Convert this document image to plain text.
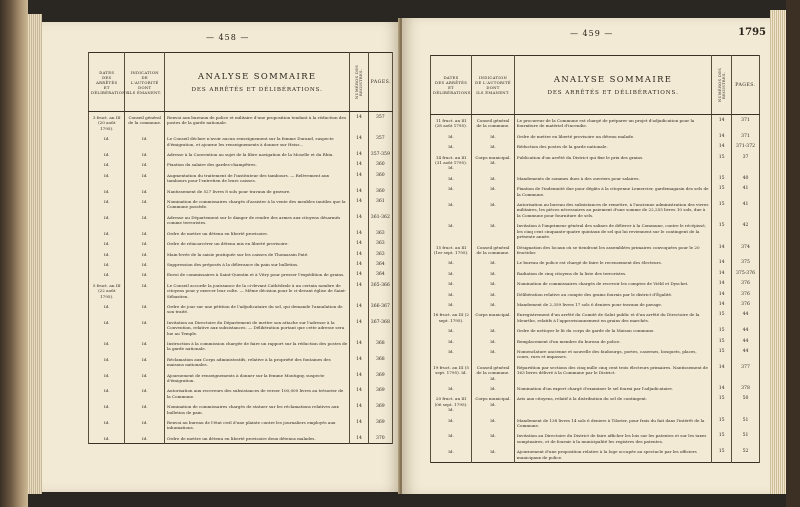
— 458 —
DATES
DES ARRÊTÉS
ET
DÉLIBÉRATIONS.	INDICATION
DE L'AUTORITÉ
DONT
ILS ÉMANENT.	ANALYSE SOMMAIRE
DES ARRÊTÉS ET DÉLIBÉRATIONS.	NUMÉROS DES REGISTRES.	PAGES.

3 fruct. an III (20 août 1795).	Conseil général de la commune.	Renvoi aux bureaux de police et militaire d'une proposition tendant à la réduction des postes de la garde nationale.	14	357
Id.	Id.	Le Conseil déclare n'avoir aucun renseignement sur la femme Durand, suspecte d'émigration, et ajourne les renseignements à donner sur Heiss...	14	357
Id.	Id.	Adresse à la Convention au sujet de la libre navigation de la Moselle et du Rhin.	14	357-359
Id.	Id.	Fixation du salaire des gardes-champêtres.	14	360
Id.	Id.	Augmentation du traitement de l'instituteur des tambours. — Relèvement aux tambours pour l'entretien de leurs caisses.	14	360
Id.	Id.	Nantissement de 527 livres 8 sols pour travaux de gravure.	14	360
Id.	Id.	Nomination de commissaires chargés d'assister à la vente des meubles inutiles que la Commune possède.	14	361
Id.	Id.	Adresse au Département sur le danger de rendre des armes aux citoyens désarmés comme terroristes.	14	361-362
Id.	Id.	Ordre de mettre un détenu en liberté provisoire.	14	363
Id.	Id.	Ordre de réincarcérer un détenu mis en liberté provisoire.	14	363
Id.	Id.	Main-levée de la saisie pratiquée sur les caisses de Thomassin Paté.	14	363
Id.	Id.	Suppression des préposés à la délivrance du pain sur bulletins.	14	364
Id.	Id.	Envoi de commissaires à Saint-Quentin et à Vitry pour presser l'expédition de grains.	14	364
5 fruct. an III (22 août 1795).	Id.	Le Conseil accorde la jouissance de la ci-devant Cathédrale à un certain nombre de citoyens pour y exercer leur culte. — Même décision pour le ci-devant église de Saint-Sébastien.	14	365-366
Id.	Id.	Ordre de jour sur une pétition de l'adjudicataire du sel, qui demande l'annulation de son traité.	14	366-367
Id.	Id.	Invitation au Directoire du Département de mettre son attache sur l'adresse à la Convention, relative aux subsistances. — Délibération portant que cette adresse sera lue au Temple.	14	367-368
Id.	Id.	Instruction à la commission chargée de faire un rapport sur la réduction des postes de la garde nationale.	14	368
Id.	Id.	Réclamation aux Corps administratifs, relative à la propriété des fontaines des maisons nationales.	14	368
Id.	Id.	Ajournement de renseignements à donner sur la femme Montigny, suspecte d'émigration.	14	369
Id.	Id.	Autorisation aux receveurs des subsistances de verser 100,000 livres au trésorier de la Commune.	14	369
Id.	Id.	Nomination de commissaires chargés de statuer sur les réclamations relatives aux bulletins de pain.	14	369
Id.	Id.	Renvoi au bureau de l'état civil d'une plainte contre les journaliers employés aux inhumations.	14	369
Id.	Id.	Ordre de mettre un détenu en liberté provisoire deux détenus malades.	14	370
— 459 —	1795
DATES
DES ARRÊTÉS
ET
DÉLIBÉRATIONS.	INDICATION
DE L'AUTORITÉ
DONT
ILS ÉMANENT.	ANALYSE SOMMAIRE
DES ARRÊTÉS ET DÉLIBÉRATIONS.	NUMÉROS DES REGISTRES.	PAGES.

11 fruct. an III (28 août 1795).	Conseil général de la commune.	Le procureur de la Commune est chargé de préparer un projet d'adjudication pour la fourniture de matériel d'incendie.	14	371
Id.	Id.	Ordre de mettre en liberté provisoire un détenu malade.	14	371
Id.	Id.	Réduction des postes de la garde nationale.	14	371-372
14 fruct. an III (31 août 1795). Id.	Corps municipal. Id.	Publication d'un arrêté du District qui fixe le prix des grains.	15	37
Id.	Id.	Mandements de sommes dues à des ouvriers pour salaires.	15	40
Id.	Id.	Fixation de l'indemnité due pour dégâts à la citoyenne Lemercier, gardemagasin des sels de la Commune.	15	41
Id.	Id.	Autorisation au bureau des subsistances de remettre, à l'ancienne administration des vivres militaires, les pièces nécessaires au paiement d'une somme de 22,255 livres 10 sols, due à la Commune pour fourniture de sels.	15	41
Id.	Id.	Invitation à l'imprimeur général des salines de délivrer à la Commune, contre le récépissé, les cinq cent cinquante-quatre quintaux de sel qui lui reviennent sur le contingent de la présente année.	15	42
15 fruct. an III (1er sept. 1795).	Conseil général de la commune.	Désignation des locaux où se tiendront les assemblées primaires convoquées pour le 20 fructidor.	14	374
Id.	Id.	Le bureau de police est chargé de faire le recensement des électeurs.	14	375
Id.	Id.	Radiation de cinq citoyens de la liste des terroristes.	14	375-376
Id.	Id.	Nomination de commissaires chargés de recevoir les comptes de Viéld et Dyschet.	14	376
Id.	Id.	Délibération relative au compte des grains fournis par le district d'Égalité.	14	376
Id.	Id.	Mandement de 2,359 livres 17 sols 6 deniers pour travaux de pavage.	14	376
16 fruct. an III (2 sept. 1795).	Corps municipal.	Enregistrement d'un arrêté du Comité de Salut public et d'un arrêté du Directoire de la Meurthe, relatifs à l'approvisionnement en grains des marchés.	15	44
Id.	Id.	Ordre de nettoyer le lit du corps de garde de la Maison commune.	15	44
Id.	Id.	Remplacement d'un membre du bureau de police.	15	44
Id.	Id.	Nomenclature ancienne et nouvelle des faubourgs, portes, casernes, bosquets, places, cours, rues et impasses.	15	44
19 fruct. an III (5 sept. 1795). Id.	Conseil général de la commune. Id.	Répartition par sections des cinq mille cinq cent trois électeurs primaires. Nantissement de 163 livres délivré à la Commune par le District.	14	377
Id.	Id.	Nomination d'un expert chargé d'examiner le sel fourni par l'adjudicataire.	14	378
20 fruct. an III (06 sept. 1795). Id.	Corps municipal. Id.	Avis aux citoyens, relatif à la distribution du sel de contingent.	15	50
Id.	Id.	Mandement de 138 livres 14 sols 6 deniers à Tilorier, pour frais du fait dans l'intérêt de la Commune.	15	51
Id.	Id.	Invitation au Directoire du District de faire afficher les lois sur les patentes et sur les taxes somptuaires, et de fournir à la municipalité les registres des patentes.	15	51
Id.	Id.	Ajournement d'une proposition relative à la loge occupée au spectacle par les officiers municipaux de police.	15	52
